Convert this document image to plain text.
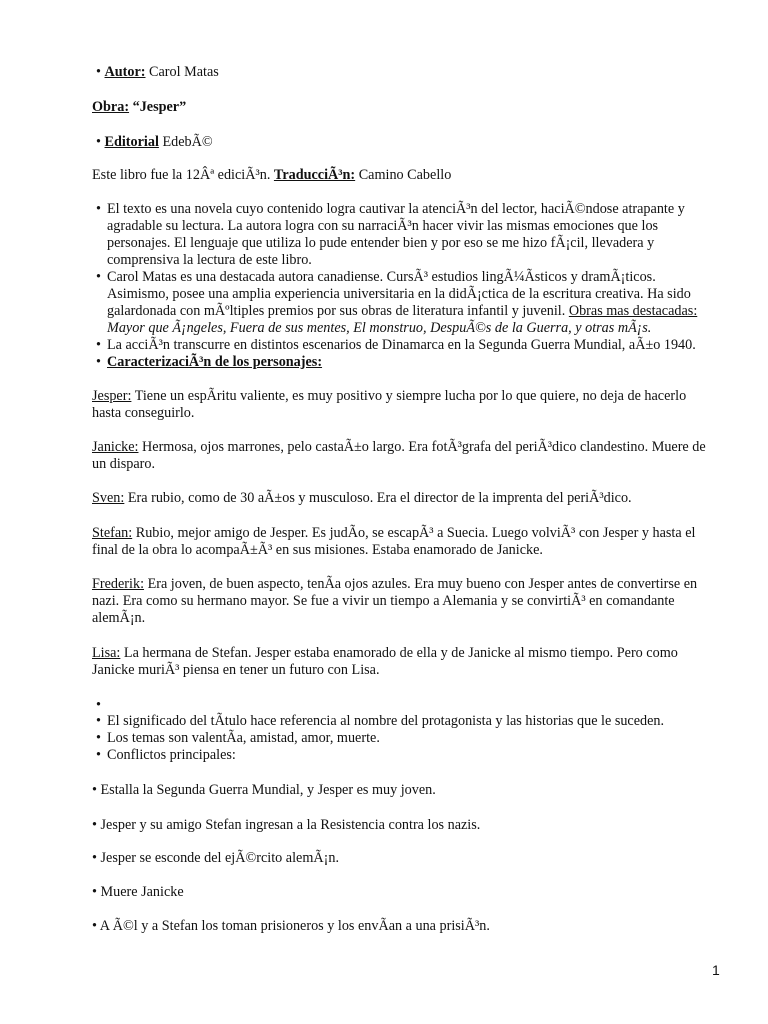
• Autor: Carol Matas
Obra: “Jesper”
• Editorial EdebÃ©
Este libro fue la 12Âª ediciÃ³n. TraducciÃ³n: Camino Cabello
• El texto es una novela cuyo contenido logra cautivar la atenciÃ³n del lector, haciÃ©ndose atrapante y
agradable su lectura. La autora logra con su narraciÃ³n hacer vivir las mismas emociones que los
personajes. El lenguaje que utiliza lo pude entender bien y por eso se me hizo fÃ¡cil, llevadera y
comprensiva la lectura de este libro.
• Carol Matas es una destacada autora canadiense. CursÃ³ estudios lingÃ¼Ãsticos y dramÃ¡ticos.
Asimismo, posee una amplia experiencia universitaria en la didÃ¡ctica de la escritura creativa. Ha sido
galardonada con mÃºltiples premios por sus obras de literatura infantil y juvenil. Obras mas destacadas:
Mayor que Ã¡ngeles, Fuera de sus mentes, El monstruo, DespuÃ©s de la Guerra, y otras mÃ¡s.
• La acciÃ³n transcurre en distintos escenarios de Dinamarca en la Segunda Guerra Mundial, aÃ±o 1940.
• CaracterizaciÃ³n de los personajes:
Jesper: Tiene un espÃritu valiente, es muy positivo y siempre lucha por lo que quiere, no deja de hacerlo
hasta conseguirlo.
Janicke: Hermosa, ojos marrones, pelo castaÃ±o largo. Era fotÃ³grafa del periÃ³dico clandestino. Muere de
un disparo.
Sven: Era rubio, como de 30 aÃ±os y musculoso. Era el director de la imprenta del periÃ³dico.
Stefan: Rubio, mejor amigo de Jesper. Es judÃo, se escapÃ³ a Suecia. Luego volviÃ³ con Jesper y hasta el
final de la obra lo acompaÃ±Ã³ en sus misiones. Estaba enamorado de Janicke.
Frederik: Era joven, de buen aspecto, tenÃa ojos azules. Era muy bueno con Jesper antes de convertirse en
nazi. Era como su hermano mayor. Se fue a vivir un tiempo a Alemania y se convirtiÃ³ en comandante
alemÃ¡n.
Lisa: La hermana de Stefan. Jesper estaba enamorado de ella y de Janicke al mismo tiempo. Pero como
Janicke muriÃ³ piensa en tener un futuro con Lisa.
•
• El significado del tÃtulo hace referencia al nombre del protagonista y las historias que le suceden.
• Los temas son valentÃa, amistad, amor, muerte.
• Conflictos principales:
• Estalla la Segunda Guerra Mundial, y Jesper es muy joven.
• Jesper y su amigo Stefan ingresan a la Resistencia contra los nazis.
• Jesper se esconde del ejÃ©rcito alemÃ¡n.
• Muere Janicke
• A Ã©l y a Stefan los toman prisioneros y los envÃan a una prisiÃ³n.
1
